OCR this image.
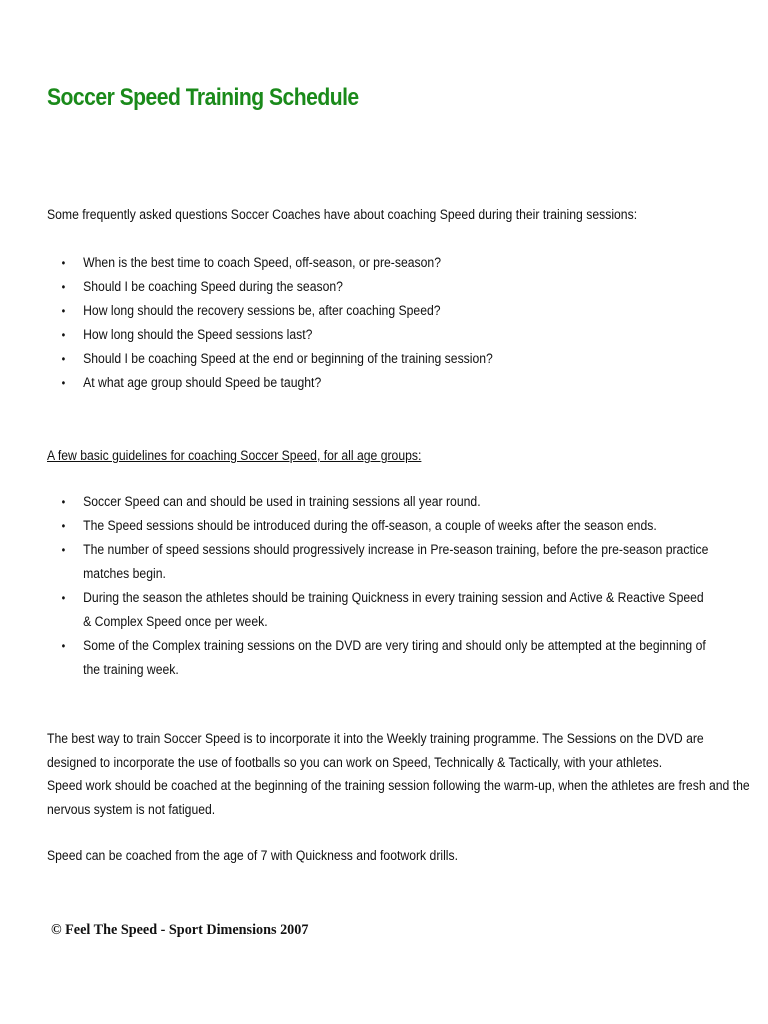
Soccer Speed Training Schedule

Some frequently asked questions Soccer Coaches have about coaching Speed during their training sessions:

• When is the best time to coach Speed, off-season, or pre-season?
• Should I be coaching Speed during the season?
• How long should the recovery sessions be, after coaching Speed?
• How long should the Speed sessions last?
• Should I be coaching Speed at the end or beginning of the training session?
• At what age group should Speed be taught?

A few basic guidelines for coaching Soccer Speed, for all age groups:

• Soccer Speed can and should be used in training sessions all year round.
• The Speed sessions should be introduced during the off-season, a couple of weeks after the season ends.
• The number of speed sessions should progressively increase in Pre-season training, before the pre-season practice matches begin.
• During the season the athletes should be training Quickness in every training session and Active & Reactive Speed & Complex Speed once per week.
• Some of the Complex training sessions on the DVD are very tiring and should only be attempted at the beginning of the training week.
The best way to train Soccer Speed is to incorporate it into the Weekly training programme. The Sessions on the DVD are
designed to incorporate the use of footballs so you can work on Speed, Technically & Tactically, with your athletes.
Speed work should be coached at the beginning of the training session following the warm-up, when the athletes are fresh and the
nervous system is not fatigued.

Speed can be coached from the age of 7 with Quickness and footwork drills.

© Feel The Speed - Sport Dimensions 2007
